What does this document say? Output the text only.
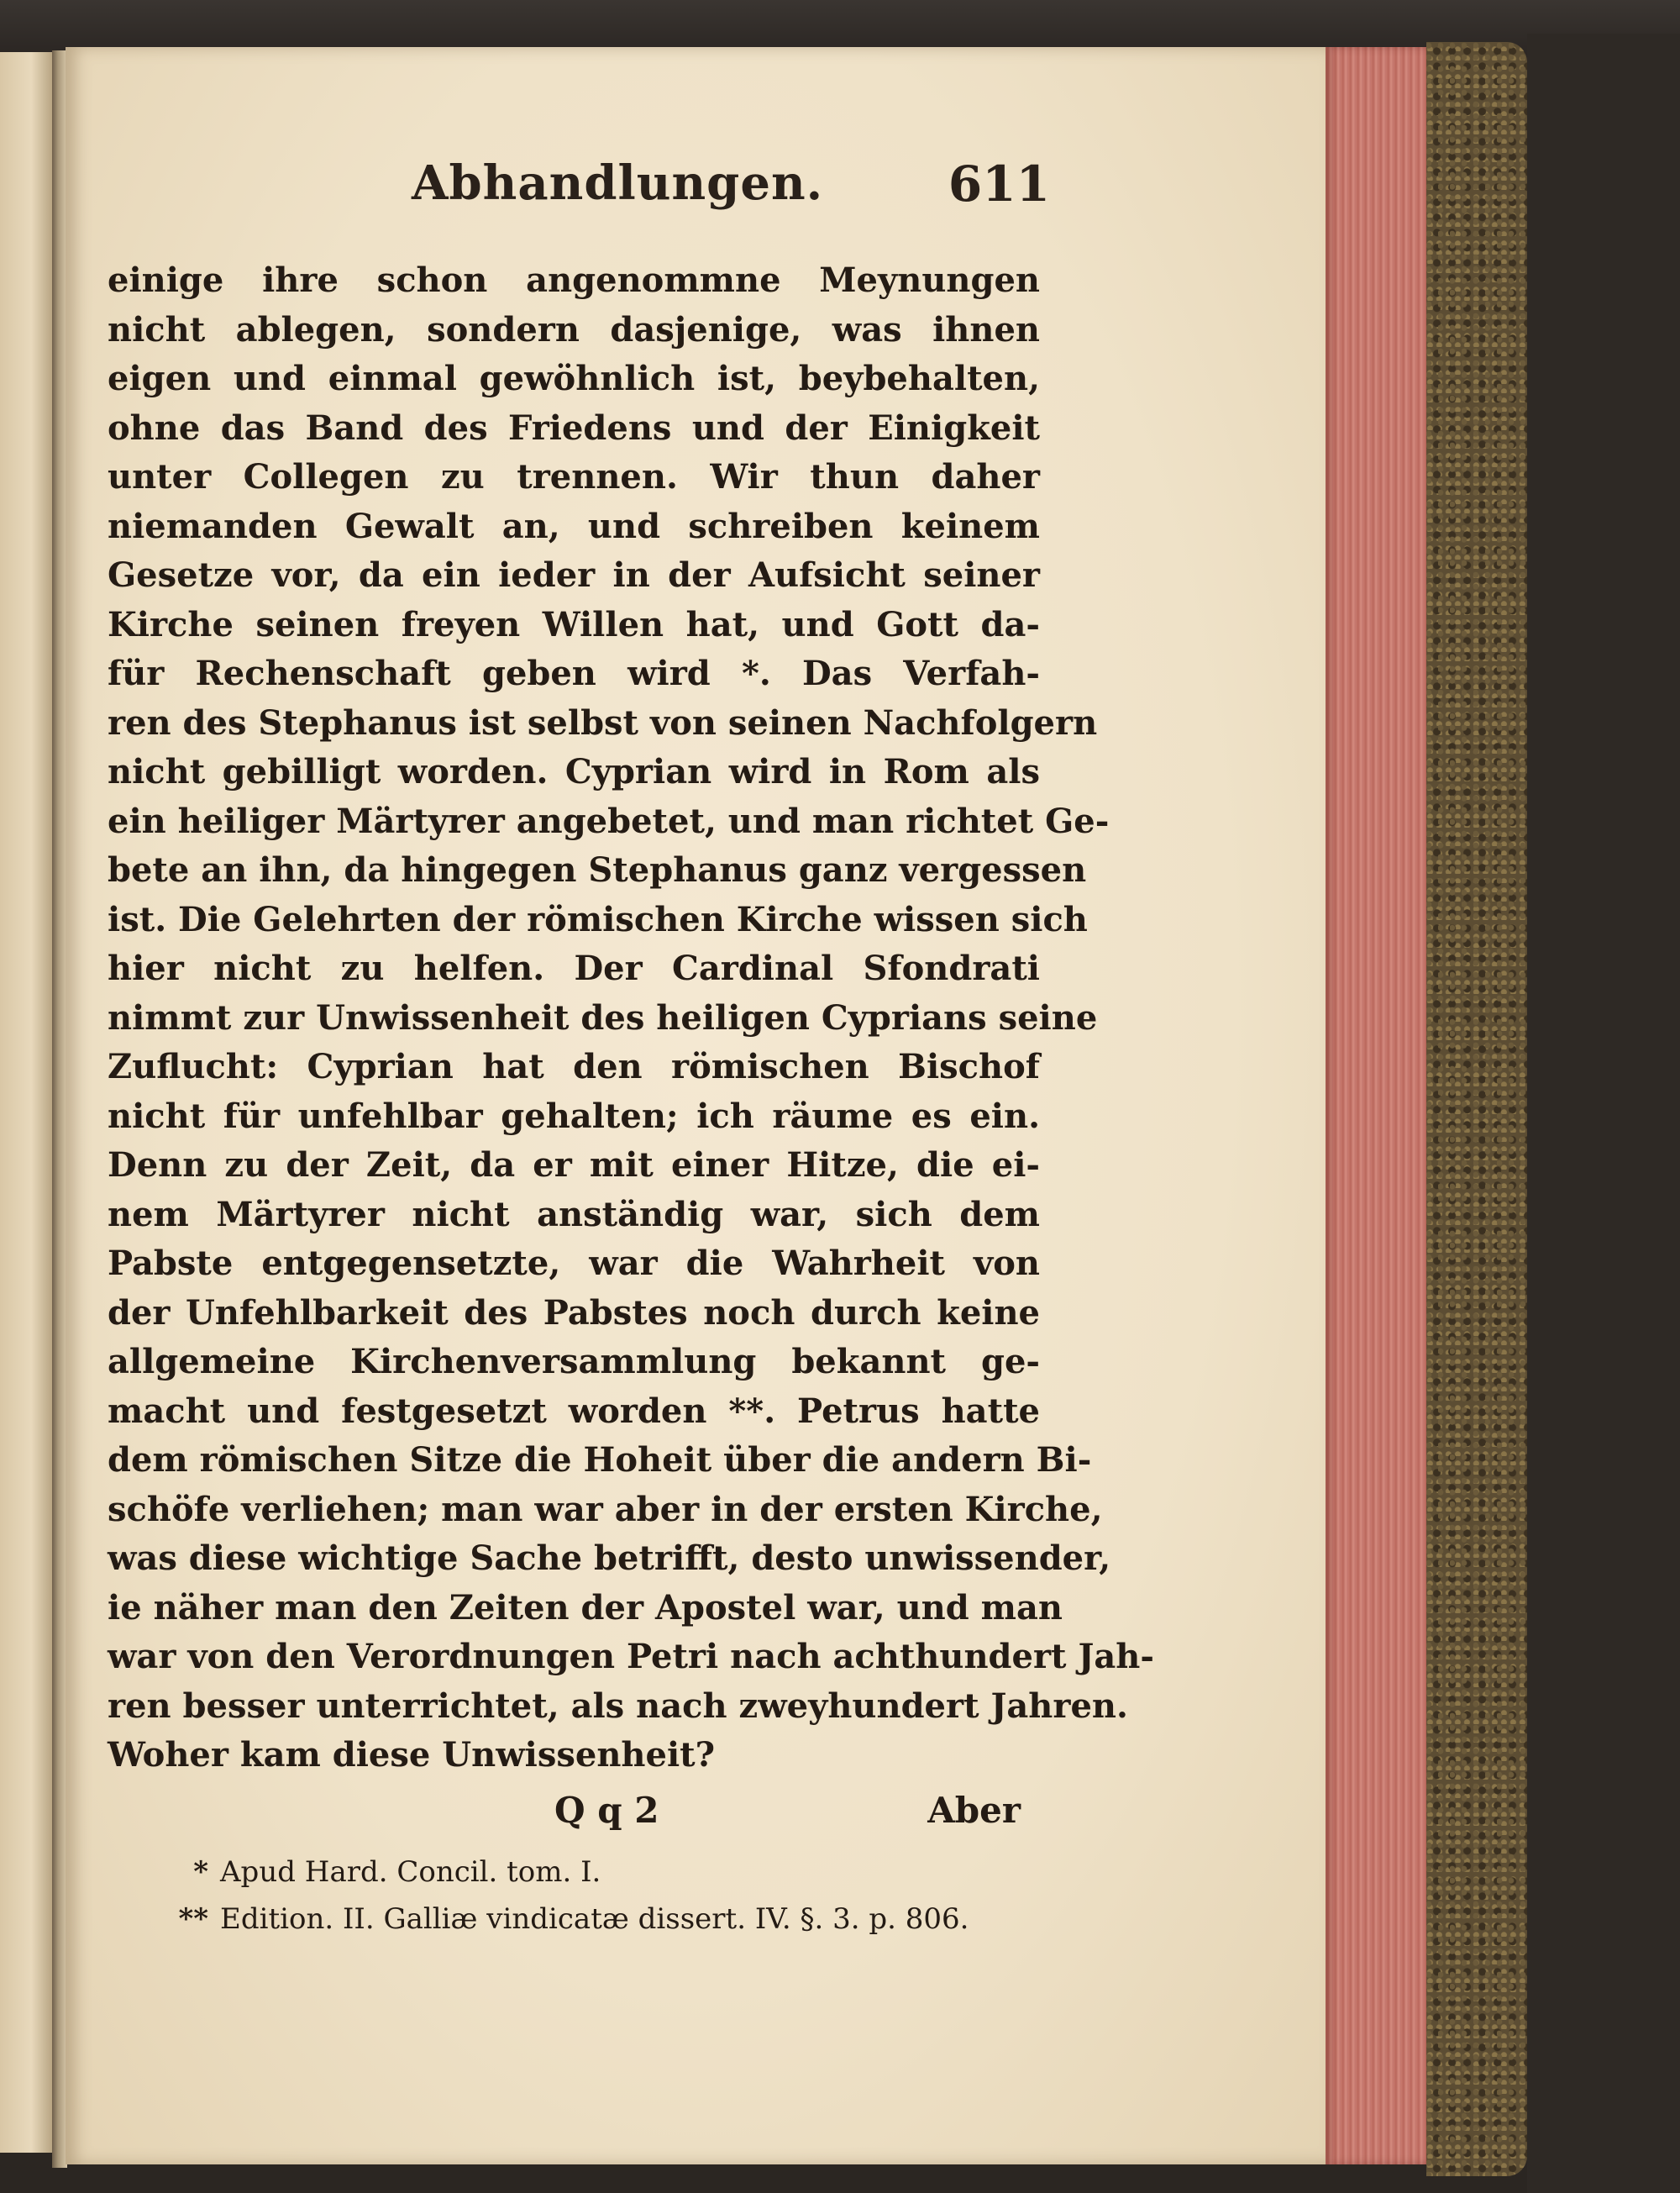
Abhandlungen.	611
einige ihre schon angenommne Meynungen
nicht ablegen, sondern dasjenige, was ihnen
eigen und einmal gewöhnlich ist, beybehalten,
ohne das Band des Friedens und der Einigkeit
unter Collegen zu trennen. Wir thun daher
niemanden Gewalt an, und schreiben keinem
Gesetze vor, da ein ieder in der Aufsicht seiner
Kirche seinen freyen Willen hat, und Gott da-
für Rechenschaft geben wird *. Das Verfah-
ren des Stephanus ist selbst von seinen Nachfolgern
nicht gebilligt worden. Cyprian wird in Rom als
ein heiliger Märtyrer angebetet, und man richtet Ge-
bete an ihn, da hingegen Stephanus ganz vergessen
ist. Die Gelehrten der römischen Kirche wissen sich
hier nicht zu helfen. Der Cardinal Sfondrati
nimmt zur Unwissenheit des heiligen Cyprians seine
Zuflucht: Cyprian hat den römischen Bischof
nicht für unfehlbar gehalten; ich räume es ein.
Denn zu der Zeit, da er mit einer Hitze, die ei-
nem Märtyrer nicht anständig war, sich dem
Pabste entgegensetzte, war die Wahrheit von
der Unfehlbarkeit des Pabstes noch durch keine
allgemeine Kirchenversammlung bekannt ge-
macht und festgesetzt worden **. Petrus hatte
dem römischen Sitze die Hoheit über die andern Bi-
schöfe verliehen; man war aber in der ersten Kirche,
was diese wichtige Sache betrifft, desto unwissender,
ie näher man den Zeiten der Apostel war, und man
war von den Verordnungen Petri nach achthundert Jah-
ren besser unterrichtet, als nach zweyhundert Jahren.
Woher kam diese Unwissenheit?
Q q 2	Aber
* Apud Hard. Concil. tom. I.
** Edition. II. Galliæ vindicatæ dissert. IV. §. 3. p. 806.
